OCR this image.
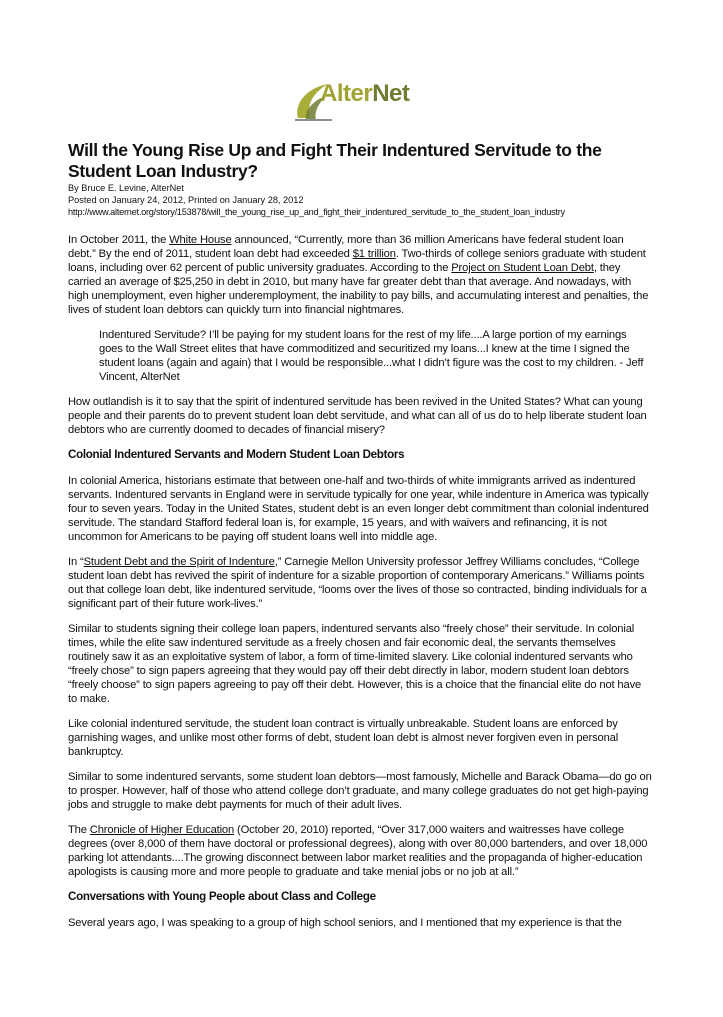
AlterNet
Will the Young Rise Up and Fight Their Indentured Servitude to the Student Loan Industry?
By Bruce E. Levine, AlterNet
Posted on January 24, 2012, Printed on January 28, 2012
http://www.alternet.org/story/153878/will_the_young_rise_up_and_fight_their_indentured_servitude_to_the_student_loan_industry

In October 2011, the White House announced, “Currently, more than 36 million Americans have federal student loan debt.” By the end of 2011, student loan debt had exceeded $1 trillion. Two-thirds of college seniors graduate with student loans, including over 62 percent of public university graduates. According to the Project on Student Loan Debt, they carried an average of $25,250 in debt in 2010, but many have far greater debt than that average. And nowadays, with high unemployment, even higher underemployment, the inability to pay bills, and accumulating interest and penalties, the lives of student loan debtors can quickly turn into financial nightmares.

Indentured Servitude? I’ll be paying for my student loans for the rest of my life....A large portion of my earnings goes to the Wall Street elites that have commoditized and securitized my loans...I knew at the time I signed the student loans (again and again) that I would be responsible...what I didn’t figure was the cost to my children. - Jeff Vincent, AlterNet

How outlandish is it to say that the spirit of indentured servitude has been revived in the United States? What can young people and their parents do to prevent student loan debt servitude, and what can all of us do to help liberate student loan debtors who are currently doomed to decades of financial misery?

Colonial Indentured Servants and Modern Student Loan Debtors

In colonial America, historians estimate that between one-half and two-thirds of white immigrants arrived as indentured servants. Indentured servants in England were in servitude typically for one year, while indenture in America was typically four to seven years. Today in the United States, student debt is an even longer debt commitment than colonial indentured servitude. The standard Stafford federal loan is, for example, 15 years, and with waivers and refinancing, it is not uncommon for Americans to be paying off student loans well into middle age.

In “Student Debt and the Spirit of Indenture,” Carnegie Mellon University professor Jeffrey Williams concludes, “College student loan debt has revived the spirit of indenture for a sizable proportion of contemporary Americans.” Williams points out that college loan debt, like indentured servitude, “looms over the lives of those so contracted, binding individuals for a significant part of their future work-lives.”

Similar to students signing their college loan papers, indentured servants also “freely chose” their servitude. In colonial times, while the elite saw indentured servitude as a freely chosen and fair economic deal, the servants themselves routinely saw it as an exploitative system of labor, a form of time-limited slavery. Like colonial indentured servants who “freely chose” to sign papers agreeing that they would pay off their debt directly in labor, modern student loan debtors “freely choose” to sign papers agreeing to pay off their debt. However, this is a choice that the financial elite do not have to make.

Like colonial indentured servitude, the student loan contract is virtually unbreakable. Student loans are enforced by garnishing wages, and unlike most other forms of debt, student loan debt is almost never forgiven even in personal bankruptcy.

Similar to some indentured servants, some student loan debtors—most famously, Michelle and Barack Obama—do go on to prosper. However, half of those who attend college don’t graduate, and many college graduates do not get high-paying jobs and struggle to make debt payments for much of their adult lives.

The Chronicle of Higher Education (October 20, 2010) reported, “Over 317,000 waiters and waitresses have college degrees (over 8,000 of them have doctoral or professional degrees), along with over 80,000 bartenders, and over 18,000 parking lot attendants....The growing disconnect between labor market realities and the propaganda of higher-education apologists is causing more and more people to graduate and take menial jobs or no job at all.”

Conversations with Young People about Class and College

Several years ago, I was speaking to a group of high school seniors, and I mentioned that my experience is that the
